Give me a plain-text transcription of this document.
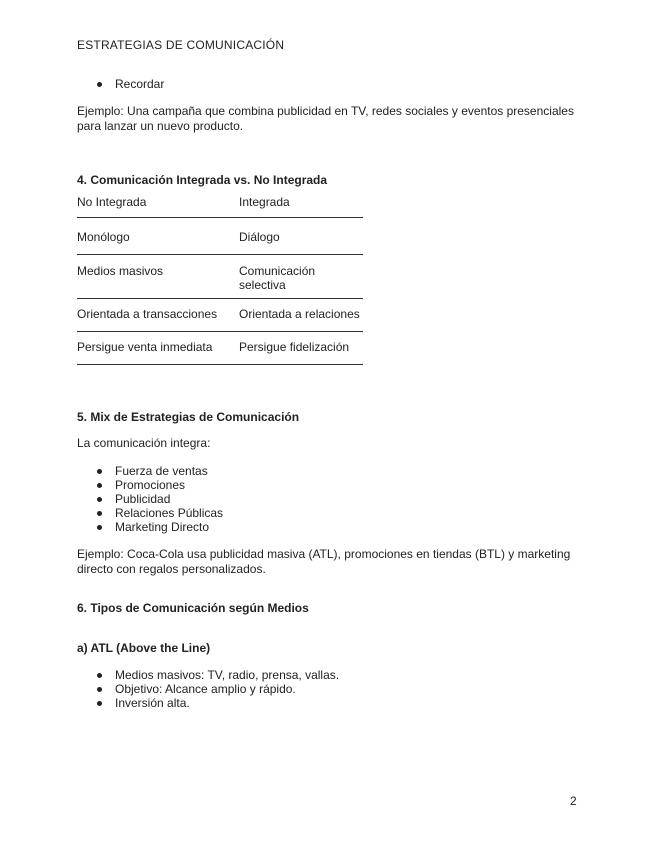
ESTRATEGIAS DE COMUNICACIÓN
Recordar
Ejemplo: Una campaña que combina publicidad en TV, redes sociales y eventos presenciales para lanzar un nuevo producto.
4. Comunicación Integrada vs. No Integrada
No Integrada	Integrada
Monólogo	Diálogo
Medios masivos	Comunicación selectiva
Orientada a transacciones	Orientada a relaciones
Persigue venta inmediata	Persigue fidelización
5. Mix de Estrategias de Comunicación
La comunicación integra:
Fuerza de ventas
Promociones
Publicidad
Relaciones Públicas
Marketing Directo
Ejemplo: Coca-Cola usa publicidad masiva (ATL), promociones en tiendas (BTL) y marketing directo con regalos personalizados.
6. Tipos de Comunicación según Medios
a) ATL (Above the Line)
Medios masivos: TV, radio, prensa, vallas.
Objetivo: Alcance amplio y rápido.
Inversión alta.
2
